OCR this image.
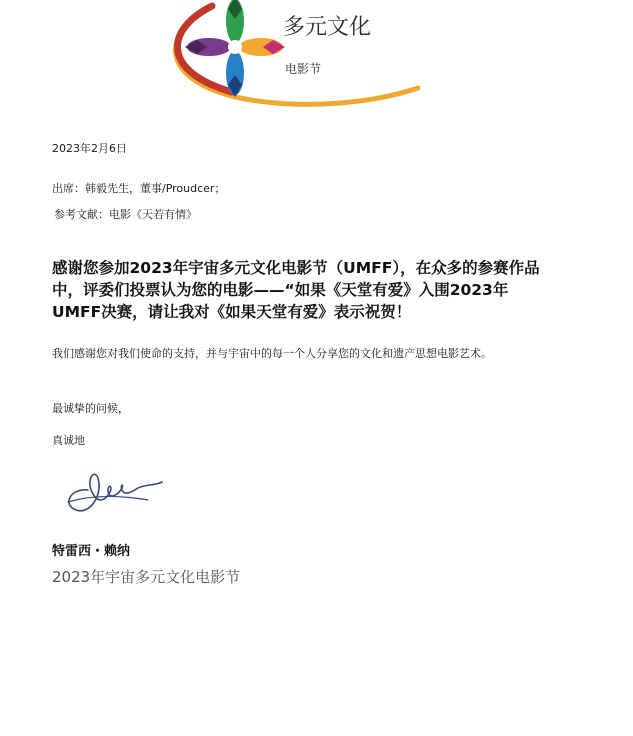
多元文化
电影节
2023年2月6日
出席：韩毅先生，董事/Proudcer；
参考文献：电影《天若有情》
感谢您参加2023年宇宙多元文化电影节（UMFF），在众多的参赛作品中，评委们投票认为您的电影——“如果《天堂有爱》入围2023年UMFF决赛，请让我对《如果天堂有爱》表示祝贺！
我们感谢您对我们使命的支持，并与宇宙中的每一个人分享您的文化和遗产思想电影艺术。
最诚挚的问候，
真诚地
特雷西・赖纳
2023年宇宙多元文化电影节
